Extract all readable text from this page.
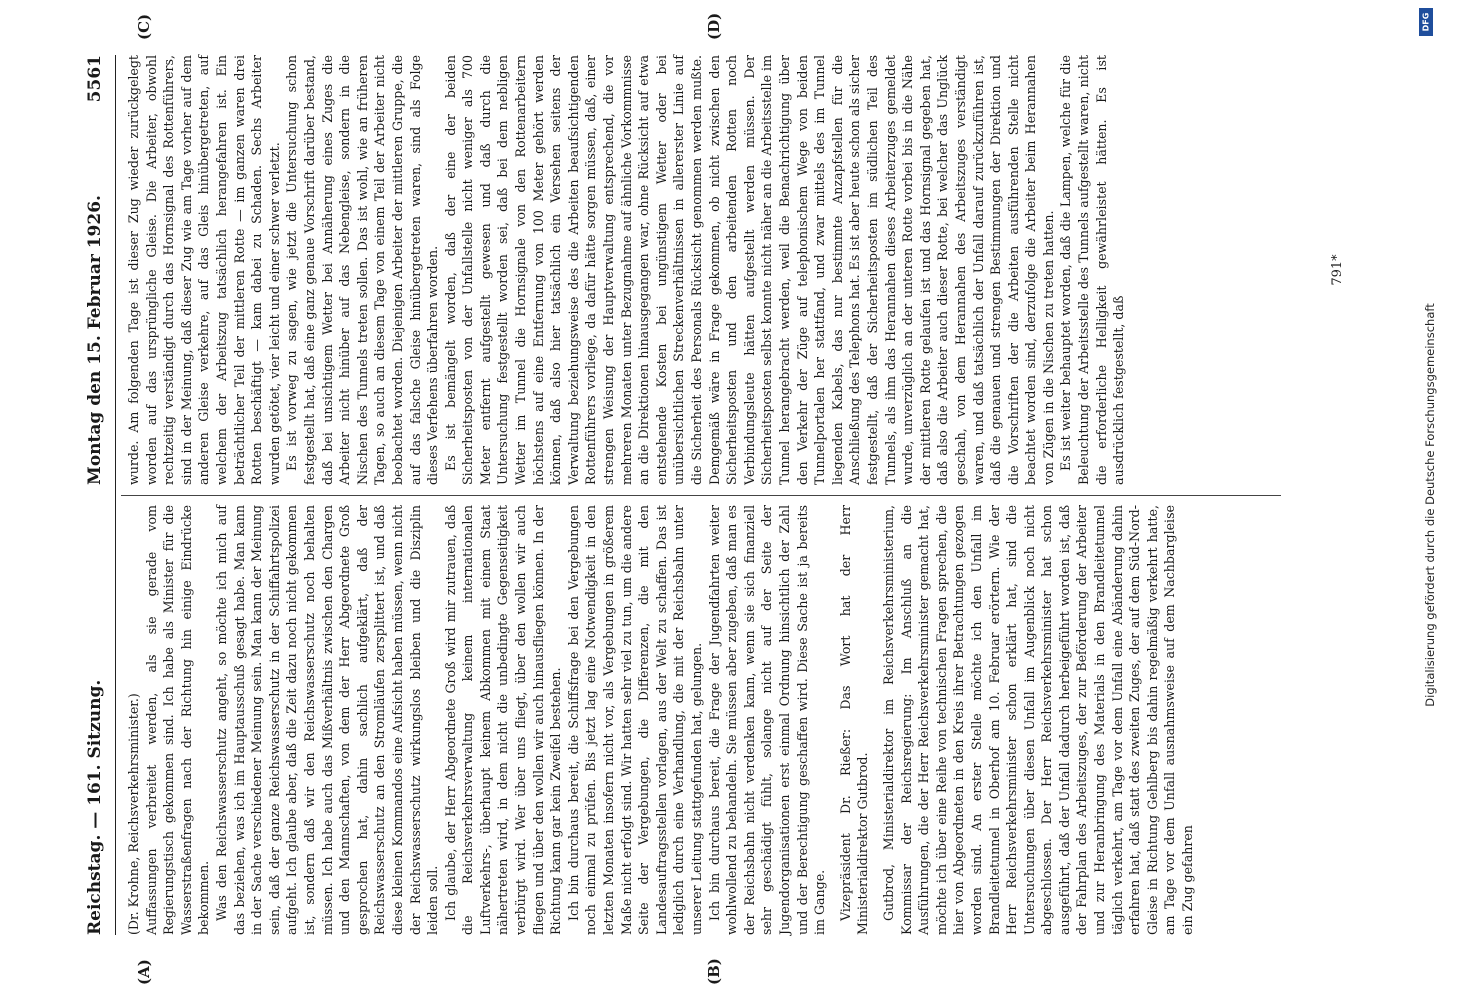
Reichstag. — 161. Sitzung.
Montag den 15. Februar 1926.
5561

(Dr. Krohne, Reichsverkehrsminister.) Auffassungen verbreitet werden, als sie gerade vom Regierungstisch gekommen sind. Ich habe als Minister für die Wasserstraßenfragen nach der Richtung hin einige Eindrücke bekommen. Was den Reichswasserschutz angeht, so möchte ich mich auf das beziehen, was ich im Hauptausschuß gesagt habe. Man kann in der Sache verschiedener Meinung sein. Man kann der Meinung sein, daß der ganze Reichswasserschutz in der Schiffahrtspolizei aufgeht. Ich glaube aber, daß die Zeit dazu noch nicht gekommen ist, sondern daß wir den Reichswasserschutz noch behalten müssen. Ich habe auch das Mißverhältnis zwischen den Chargen und den Mannschaften, von dem der Herr Abgeordnete Groß gesprochen hat, dahin sachlich aufgeklärt, daß der Reichswasserschutz an den Stromläufen zersplittert ist, und daß diese kleinen Kommandos eine Aufsicht haben müssen, wenn nicht der Reichswasserschutz wirkungslos bleiben und die Disziplin leiden soll. Ich glaube, der Herr Abgeordnete Groß wird mir zutrauen, daß die Reichsverkehrsverwaltung keinem internationalen Luftverkehrs-, überhaupt keinem Abkommen mit einem Staat nähertreten wird, in dem nicht die unbedingte Gegenseitigkeit verbürgt wird. Wer über uns fliegt, über den wollen wir auch fliegen und über den wollen wir auch hinausfliegen können. In der Richtung kann gar kein Zweifel bestehen. Ich bin durchaus bereit, die Schiffsfrage bei den Vergebungen noch einmal zu prüfen. Bis jetzt lag eine Notwendigkeit in den letzten Monaten insofern nicht vor, als Vergebungen in größerem Maße nicht erfolgt sind. Wir hatten sehr viel zu tun, um die andere Seite der Vergebungen, die Differenzen, die mit den Landesauftragsstellen vorlagen, aus der Welt zu schaffen. Das ist lediglich durch eine Verhandlung, die mit der Reichsbahn unter unserer Leitung stattgefunden hat, gelungen. Ich bin durchaus bereit, die Frage der Jugendfahrten weiter wohlwollend zu behandeln. Sie müssen aber zugeben, daß man es der Reichsbahn nicht verdenken kann, wenn sie sich finanziell sehr geschädigt fühlt, solange nicht auf der Seite der Jugendorganisationen erst einmal Ordnung hinsichtlich der Zahl und der Berechtigung geschaffen wird. Diese Sache ist ja bereits im Gange. Vizepräsident Dr. Rießer: Das Wort hat der Herr Ministerialdirektor Gutbrod. Gutbrod, Ministerialdirektor im Reichsverkehrsministerium, Kommissar der Reichsregierung: Im Anschluß an die Ausführungen, die der Herr Reichsverkehrsminister gemacht hat, möchte ich über eine Reihe von technischen Fragen sprechen, die hier von Abgeordneten in den Kreis ihrer Betrachtungen gezogen worden sind. An erster Stelle möchte ich den Unfall im Brandleitetunnel in Oberhof am 10. Februar erörtern. Wie der Herr Reichsverkehrsminister schon erklärt hat, sind die Untersuchungen über diesen Unfall im Augenblick noch nicht abgeschlossen. Der Herr Reichsverkehrsminister hat schon ausgeführt, daß der Unfall dadurch herbeigeführt worden ist, daß der Fahrplan des Arbeitszuges, der zur Beförderung der Arbeiter und zur Heranbringung des Materials in den Brandleitetunnel täglich verkehrt, am Tage vor dem Unfall eine Abänderung dahin erfahren hat, daß statt des zweiten Zuges, der auf dem Süd-Nord-Gleise in Richtung Gehlberg bis dahin regelmäßig verkehrt hatte, am Tage vor dem Unfall ausnahmsweise auf dem Nachbargleise ein Zug gefahren

wurde. Am folgenden Tage ist dieser Zug wieder zurückgelegt worden auf das ursprüngliche Gleise. Die Arbeiter, obwohl rechtzeitig verständigt durch das Hornsignal des Rottenführers, sind in der Meinung, daß dieser Zug wie am Tage vorher auf dem anderen Gleise verkehre, auf das Gleis hinübergetreten, auf welchem der Arbeitszug tatsächlich herangefahren ist. Ein beträchtlicher Teil der mittleren Rotte — im ganzen waren drei Rotten beschäftigt — kam dabei zu Schaden. Sechs Arbeiter wurden getötet, vier leicht und einer schwer verletzt. Es ist vorweg zu sagen, wie jetzt die Untersuchung schon festgestellt hat, daß eine ganz genaue Vorschrift darüber bestand, daß bei unsichtigem Wetter bei Annäherung eines Zuges die Arbeiter nicht hinüber auf das Nebengleise, sondern in die Nischen des Tunnels treten sollen. Das ist wohl, wie an früheren Tagen, so auch an diesem Tage von einem Teil der Arbeiter nicht beobachtet worden. Diejenigen Arbeiter der mittleren Gruppe, die auf das falsche Gleise hinübergetreten waren, sind als Folge dieses Verfehens überfahren worden. Es ist bemängelt worden, daß der eine der beiden Sicherheitsposten von der Unfallstelle nicht weniger als 700 Meter entfernt aufgestellt gewesen und daß durch die Untersuchung festgestellt worden sei, daß bei dem nebligen Wetter im Tunnel die Hornsignale von den Rottenarbeitern höchstens auf eine Entfernung von 100 Meter gehört werden können, daß also hier tatsächlich ein Versehen seitens der Verwaltung beziehungsweise des die Arbeiten beaufsichtigenden Rottenführers vorliege, da dafür hätte sorgen müssen, daß, einer strengen Weisung der Hauptverwaltung entsprechend, die vor mehreren Monaten unter Bezugnahme auf ähnliche Vorkommnisse an die Direktionen hinausgegangen war, ohne Rücksicht auf etwa entstehende Kosten bei ungünstigem Wetter oder bei unübersichtlichen Streckenverhältnissen in allererster Linie auf die Sicherheit des Personals Rücksicht genommen werden mußte. Demgemäß wäre in Frage gekommen, ob nicht zwischen den Sicherheitsposten und den arbeitenden Rotten noch Verbindungsleute hätten aufgestellt werden müssen. Der Sicherheitsposten selbst konnte nicht näher an die Arbeitsstelle im Tunnel herangebracht werden, weil die Benachrichtigung über den Verkehr der Züge auf telephonischem Wege von beiden Tunnelportalen her stattfand, und zwar mittels des im Tunnel liegenden Kabels, das nur bestimmte Anzapfstellen für die Anschließung des Telephons hat. Es ist aber heute schon als sicher festgestellt, daß der Sicherheitsposten im südlichen Teil des Tunnels, als ihm das Herannahen dieses Arbeiterzuges gemeldet wurde, unverzüglich an der unteren Rotte vorbei bis in die Nähe der mittleren Rotte gelaufen ist und das Hornsignal gegeben hat, daß also die Arbeiter auch dieser Rotte, bei welcher das Unglück geschah, von dem Herannahen des Arbeitszuges verständigt waren, und daß tatsächlich der Unfall darauf zurückzuführen ist, daß die genauen und strengen Bestimmungen der Direktion und die Vorschriften der die Arbeiten ausführenden Stelle nicht beachtet worden sind, derzufolge die Arbeiter beim Herannahen von Zügen in die Nischen zu treten hatten. Es ist weiter behauptet worden, daß die Lampen, welche für die Beleuchtung der Arbeitsstelle des Tunnels aufgestellt waren, nicht die erforderliche Helligkeit gewährleistet hätten. Es ist ausdrücklich festgestellt, daß

(A)	(B)
(C)	(D)
791*
Digitalisierung gefördert durch die Deutsche Forschungsgemeinschaft
DFG
